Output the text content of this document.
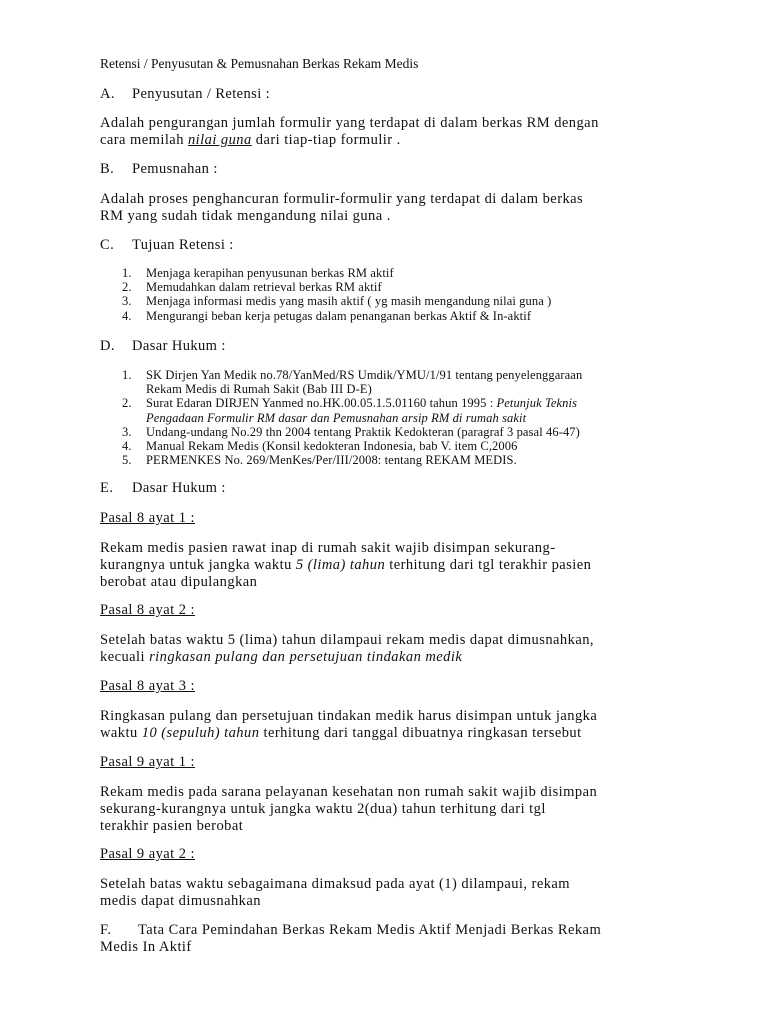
Retensi / Penyusutan & Pemusnahan Berkas Rekam Medis
A. Penyusutan / Retensi :
Adalah pengurangan jumlah formulir yang terdapat di dalam berkas RM dengan
cara memilah nilai guna dari tiap-tiap formulir .
B. Pemusnahan :
Adalah proses penghancuran formulir-formulir yang terdapat di dalam berkas
RM yang sudah tidak mengandung nilai guna .
C. Tujuan Retensi :
1. Menjaga kerapihan penyusunan berkas RM aktif
2. Memudahkan dalam retrieval berkas RM aktif
3. Menjaga informasi medis yang masih aktif ( yg masih mengandung nilai guna )
4. Mengurangi beban kerja petugas dalam penanganan berkas Aktif & In-aktif
D. Dasar Hukum :
1. SK Dirjen Yan Medik no.78/YanMed/RS Umdik/YMU/1/91 tentang penyelenggaraan
Rekam Medis di Rumah Sakit (Bab III D-E)
2. Surat Edaran DIRJEN Yanmed no.HK.00.05.1.5.01160 tahun 1995 : Petunjuk Teknis
Pengadaan Formulir RM dasar dan Pemusnahan arsip RM di rumah sakit
3. Undang-undang No.29 thn 2004 tentang Praktik Kedokteran (paragraf 3 pasal 46-47)
4. Manual Rekam Medis (Konsil kedokteran Indonesia, bab V. item C,2006
5. PERMENKES No. 269/MenKes/Per/III/2008: tentang REKAM MEDIS.
E. Dasar Hukum :
Pasal 8 ayat 1 :
Rekam medis pasien rawat inap di rumah sakit wajib disimpan sekurang-
kurangnya untuk jangka waktu 5 (lima) tahun terhitung dari tgl terakhir pasien
berobat atau dipulangkan
Pasal 8 ayat 2 :
Setelah batas waktu 5 (lima) tahun dilampaui rekam medis dapat dimusnahkan,
kecuali ringkasan pulang dan persetujuan tindakan medik
Pasal 8 ayat 3 :
Ringkasan pulang dan persetujuan tindakan medik harus disimpan untuk jangka
waktu 10 (sepuluh) tahun terhitung dari tanggal dibuatnya ringkasan tersebut
Pasal 9 ayat 1 :
Rekam medis pada sarana pelayanan kesehatan non rumah sakit wajib disimpan
sekurang-kurangnya untuk jangka waktu 2(dua) tahun terhitung dari tgl
terakhir pasien berobat
Pasal 9 ayat 2 :
Setelah batas waktu sebagaimana dimaksud pada ayat (1) dilampaui, rekam
medis dapat dimusnahkan
F. Tata Cara Pemindahan Berkas Rekam Medis Aktif Menjadi Berkas Rekam
Medis In Aktif
